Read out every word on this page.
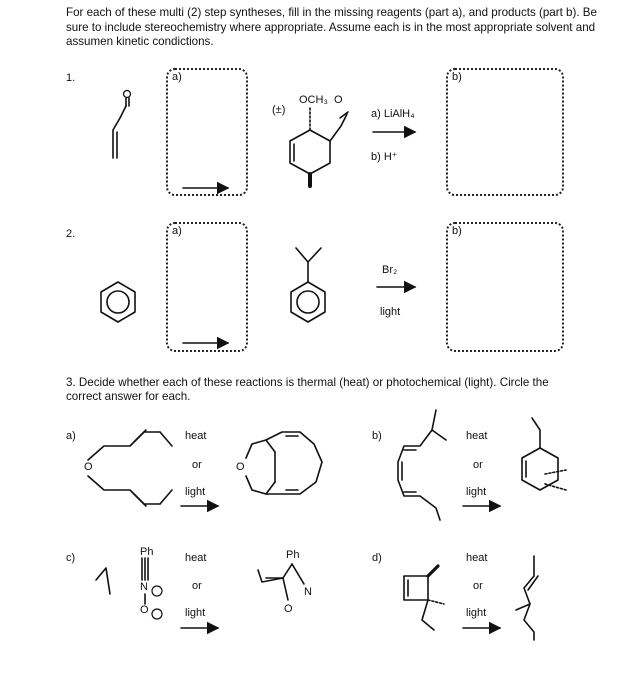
For each of these multi (2) step syntheses, fill in the missing reagents (part a), and products (part b). Be sure to include stereochemistry where appropriate. Assume each is in the most appropriate solvent and assumen kinetic condictions.
1.	a)	b)
(±)
OCH₃ O
a) LiAlH₄
b) H⁺
2.	a)	b)
Br₂
light
3. Decide whether each of these reactions is thermal (heat) or photochemical (light). Circle the correct answer for each.
a)	heat
or
light
O	O
b)	heat
or
light
c)	heat
or
light
Ph
N
O
Ph
N
O
d)	heat
or
light
